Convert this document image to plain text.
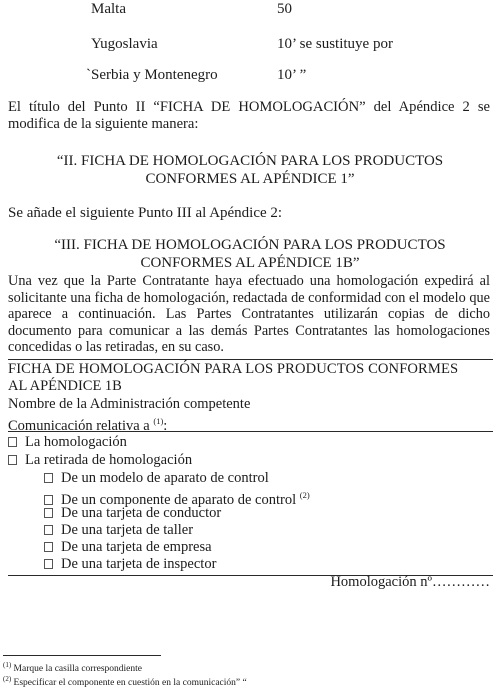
Malta	50
Yugoslavia	10’ se sustituye por
`Serbia y Montenegro	10’ ”

El título del Punto II “FICHA DE HOMOLOGACIÓN” del Apéndice 2 se modifica de la siguiente manera:

“II. FICHA DE HOMOLOGACIÓN PARA LOS PRODUCTOS
CONFORMES AL APÉNDICE 1”
Se añade el siguiente Punto III al Apéndice 2:
“III. FICHA DE HOMOLOGACIÓN PARA LOS PRODUCTOS
CONFORMES AL APÉNDICE 1B”

Una vez que la Parte Contratante haya efectuado una homologación expedirá al solicitante una ficha de homologación, redactada de conformidad con el modelo que aparece a continuación. Las Partes Contratantes utilizarán copias de dicho documento para comunicar a las demás Partes Contratantes las homologaciones concedidas o las retiradas, en su caso.

FICHA DE HOMOLOGACIÓN PARA LOS PRODUCTOS CONFORMES
AL APÉNDICE 1B
Nombre de la Administración competente
Comunicación relativa a $^{(1)}$:
La homologación
La retirada de homologación
De un modelo de aparato de control
De un componente de aparato de control $^{(2)}$
De una tarjeta de conductor
De una tarjeta de taller
De una tarjeta de empresa
De una tarjeta de inspector
Homologación nº…………
$^{(1)}$ Marque la casilla correspondiente
$^{(2)}$ Especificar el componente en cuestión en la comunicación” “
